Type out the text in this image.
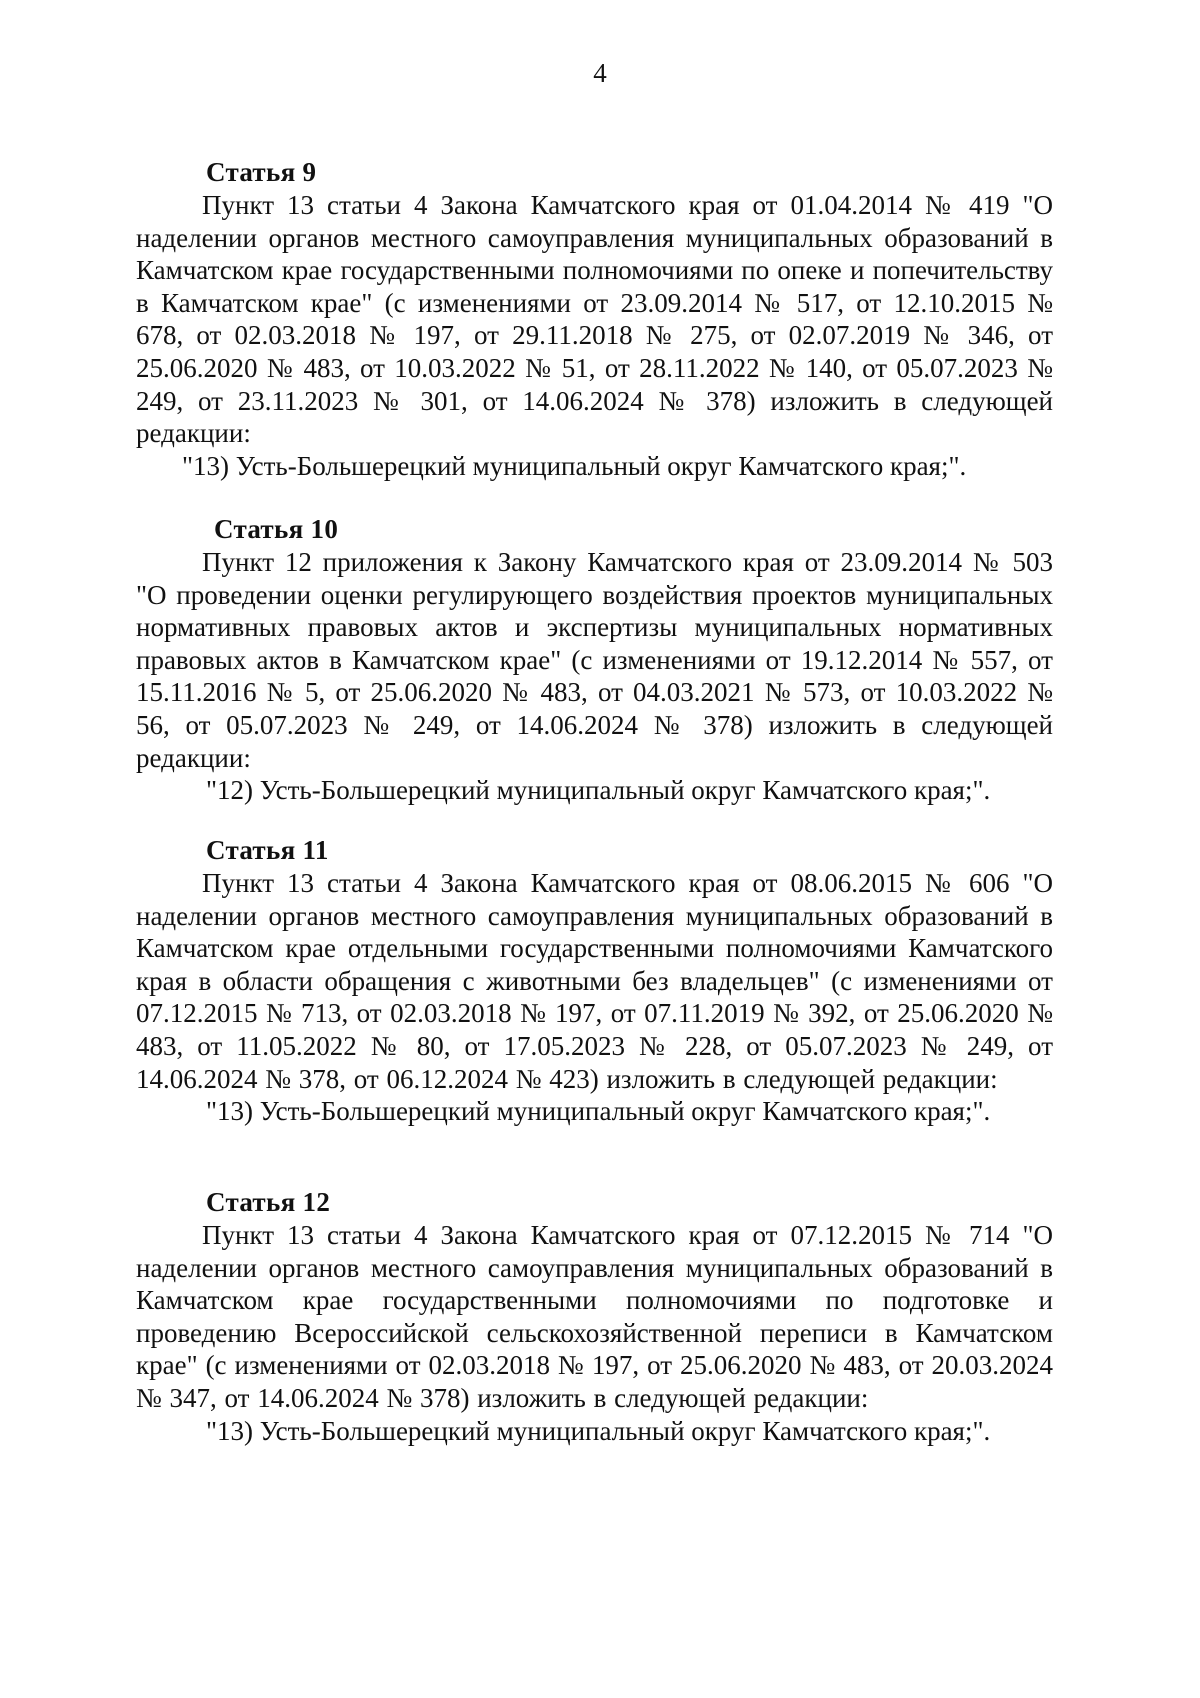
4
Статья 9

Пункт 13 статьи 4 Закона Камчатского края от 01.04.2014 № 419 "О наделении органов местного самоуправления муниципальных образований в Камчатском крае государственными полномочиями по опеке и попечительству в Камчатском крае" (с изменениями от 23.09.2014 № 517, от 12.10.2015 № 678, от 02.03.2018 № 197, от 29.11.2018 № 275, от 02.07.2019 № 346, от 25.06.2020 № 483, от 10.03.2022 № 51, от 28.11.2022 № 140, от 05.07.2023 № 249, от 23.11.2023 № 301, от 14.06.2024 № 378) изложить в следующей редакции:

"13) Усть-Большерецкий муниципальный округ Камчатского края;".

Статья 10

Пункт 12 приложения к Закону Камчатского края от 23.09.2014 № 503 "О проведении оценки регулирующего воздействия проектов муниципальных нормативных правовых актов и экспертизы муниципальных нормативных правовых актов в Камчатском крае" (с изменениями от 19.12.2014 № 557, от 15.11.2016 № 5, от 25.06.2020 № 483, от 04.03.2021 № 573, от 10.03.2022 № 56, от 05.07.2023 № 249, от 14.06.2024 № 378) изложить в следующей редакции:

"12) Усть-Большерецкий муниципальный округ Камчатского края;".

Статья 11

Пункт 13 статьи 4 Закона Камчатского края от 08.06.2015 № 606 "О наделении органов местного самоуправления муниципальных образований в Камчатском крае отдельными государственными полномочиями Камчатского края в области обращения с животными без владельцев" (с изменениями от 07.12.2015 № 713, от 02.03.2018 № 197, от 07.11.2019 № 392, от 25.06.2020 № 483, от 11.05.2022 № 80, от 17.05.2023 № 228, от 05.07.2023 № 249, от 14.06.2024 № 378, от 06.12.2024 № 423) изложить в следующей редакции:

"13) Усть-Большерецкий муниципальный округ Камчатского края;".

Статья 12

Пункт 13 статьи 4 Закона Камчатского края от 07.12.2015 № 714 "О наделении органов местного самоуправления муниципальных образований в Камчатском крае государственными полномочиями по подготовке и проведению Всероссийской сельскохозяйственной переписи в Камчатском крае" (с изменениями от 02.03.2018 № 197, от 25.06.2020 № 483, от 20.03.2024 № 347, от 14.06.2024 № 378) изложить в следующей редакции:

"13) Усть-Большерецкий муниципальный округ Камчатского края;".
